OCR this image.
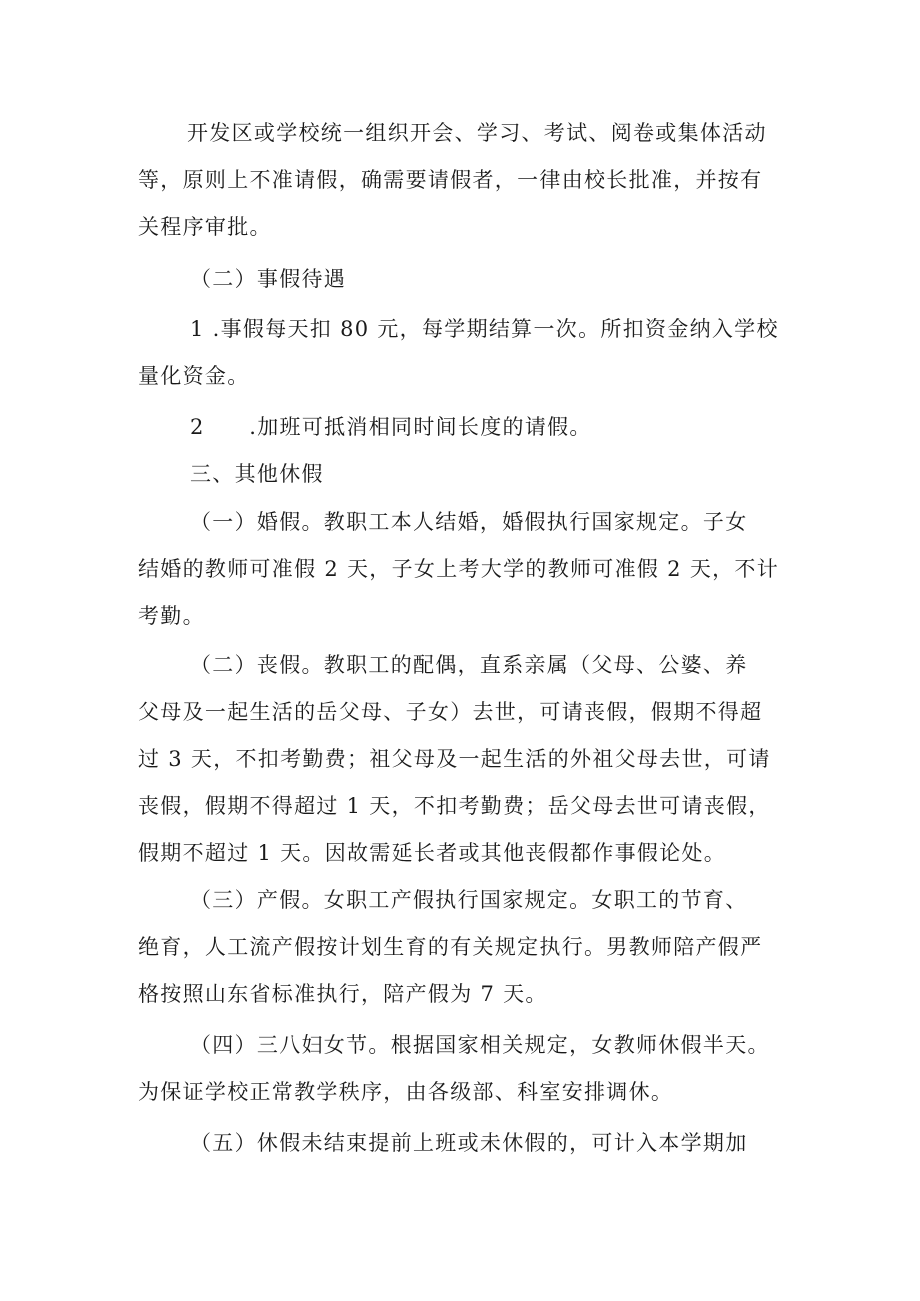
开发区或学校统一组织开会、学习、考试、阅卷或集体活动
等，原则上不准请假，确需要请假者，一律由校长批准，并按有
关程序审批。
（二）事假待遇
1 .事假每天扣 80 元，每学期结算一次。所扣资金纳入学校
量化资金。
2　　.加班可抵消相同时间长度的请假。
三、其他休假
（一）婚假。教职工本人结婚，婚假执行国家规定。子女
结婚的教师可准假 2 天，子女上考大学的教师可准假 2 天，不计
考勤。
（二）丧假。教职工的配偶，直系亲属（父母、公婆、养
父母及一起生活的岳父母、子女）去世，可请丧假，假期不得超
过 3 天，不扣考勤费；祖父母及一起生活的外祖父母去世，可请
丧假，假期不得超过 1 天，不扣考勤费；岳父母去世可请丧假，
假期不超过 1 天。因故需延长者或其他丧假都作事假论处。
（三）产假。女职工产假执行国家规定。女职工的节育、
绝育，人工流产假按计划生育的有关规定执行。男教师陪产假严
格按照山东省标准执行，陪产假为 7 天。
（四）三八妇女节。根据国家相关规定，女教师休假半天。
为保证学校正常教学秩序，由各级部、科室安排调休。
（五）休假未结束提前上班或未休假的，可计入本学期加
